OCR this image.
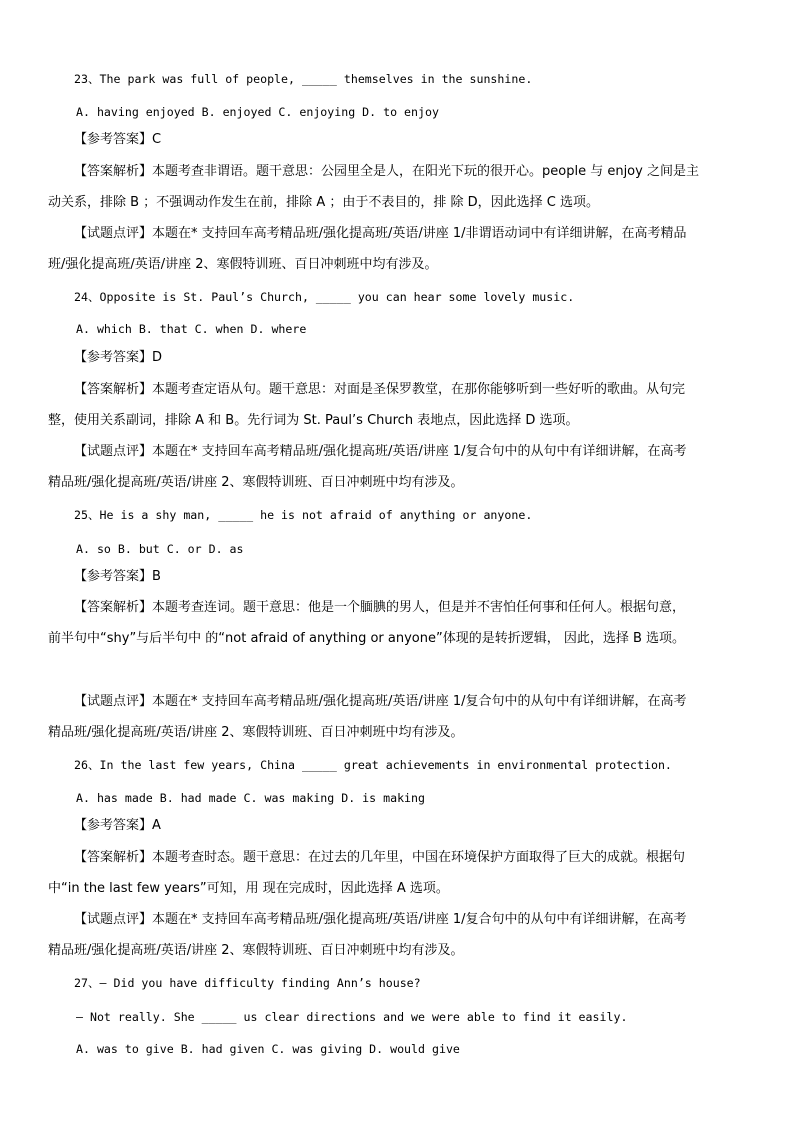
23、The park was full of people, _____ themselves in the sunshine.
A. having enjoyed B. enjoyed C. enjoying D. to enjoy
【参考答案】C
【答案解析】本题考查非谓语。题干意思：公园里全是人，在阳光下玩的很开心。people 与 enjoy 之间是主
动关系，排除 B ；不强调动作发生在前，排除 A ；由于不表目的，排 除 D，因此选择 C 选项。
【试题点评】本题在* 支持回车高考精品班/强化提高班/英语/讲座 1/非谓语动词中有详细讲解，在高考精品
班/强化提高班/英语/讲座 2、寒假特训班、百日冲刺班中均有涉及。
24、Opposite is St. Paul’s Church, _____ you can hear some lovely music.
A. which B. that C. when D. where
【参考答案】D
【答案解析】本题考查定语从句。题干意思：对面是圣保罗教堂，在那你能够听到一些好听的歌曲。从句完
整，使用关系副词，排除 A 和 B。先行词为 St. Paul’s Church 表地点，因此选择 D 选项。
【试题点评】本题在* 支持回车高考精品班/强化提高班/英语/讲座 1/复合句中的从句中有详细讲解，在高考
精品班/强化提高班/英语/讲座 2、寒假特训班、百日冲刺班中均有涉及。
25、He is a shy man, _____ he is not afraid of anything or anyone.
A. so B. but C. or D. as
【参考答案】B
【答案解析】本题考查连词。题干意思：他是一个腼腆的男人，但是并不害怕任何事和任何人。根据句意，
前半句中“shy”与后半句中 的“not afraid of anything or anyone”体现的是转折逻辑， 因此，选择 B 选项。
【试题点评】本题在* 支持回车高考精品班/强化提高班/英语/讲座 1/复合句中的从句中有详细讲解，在高考
精品班/强化提高班/英语/讲座 2、寒假特训班、百日冲刺班中均有涉及。
26、In the last few years, China _____ great achievements in environmental protection.
A. has made B. had made C. was making D. is making
【参考答案】A
【答案解析】本题考查时态。题干意思：在过去的几年里，中国在环境保护方面取得了巨大的成就。根据句
中“in the last few years”可知，用 现在完成时，因此选择 A 选项。
【试题点评】本题在* 支持回车高考精品班/强化提高班/英语/讲座 1/复合句中的从句中有详细讲解，在高考
精品班/强化提高班/英语/讲座 2、寒假特训班、百日冲刺班中均有涉及。
27、— Did you have difficulty finding Ann’s house?
— Not really. She _____ us clear directions and we were able to find it easily.
A. was to give B. had given C. was giving D. would give
